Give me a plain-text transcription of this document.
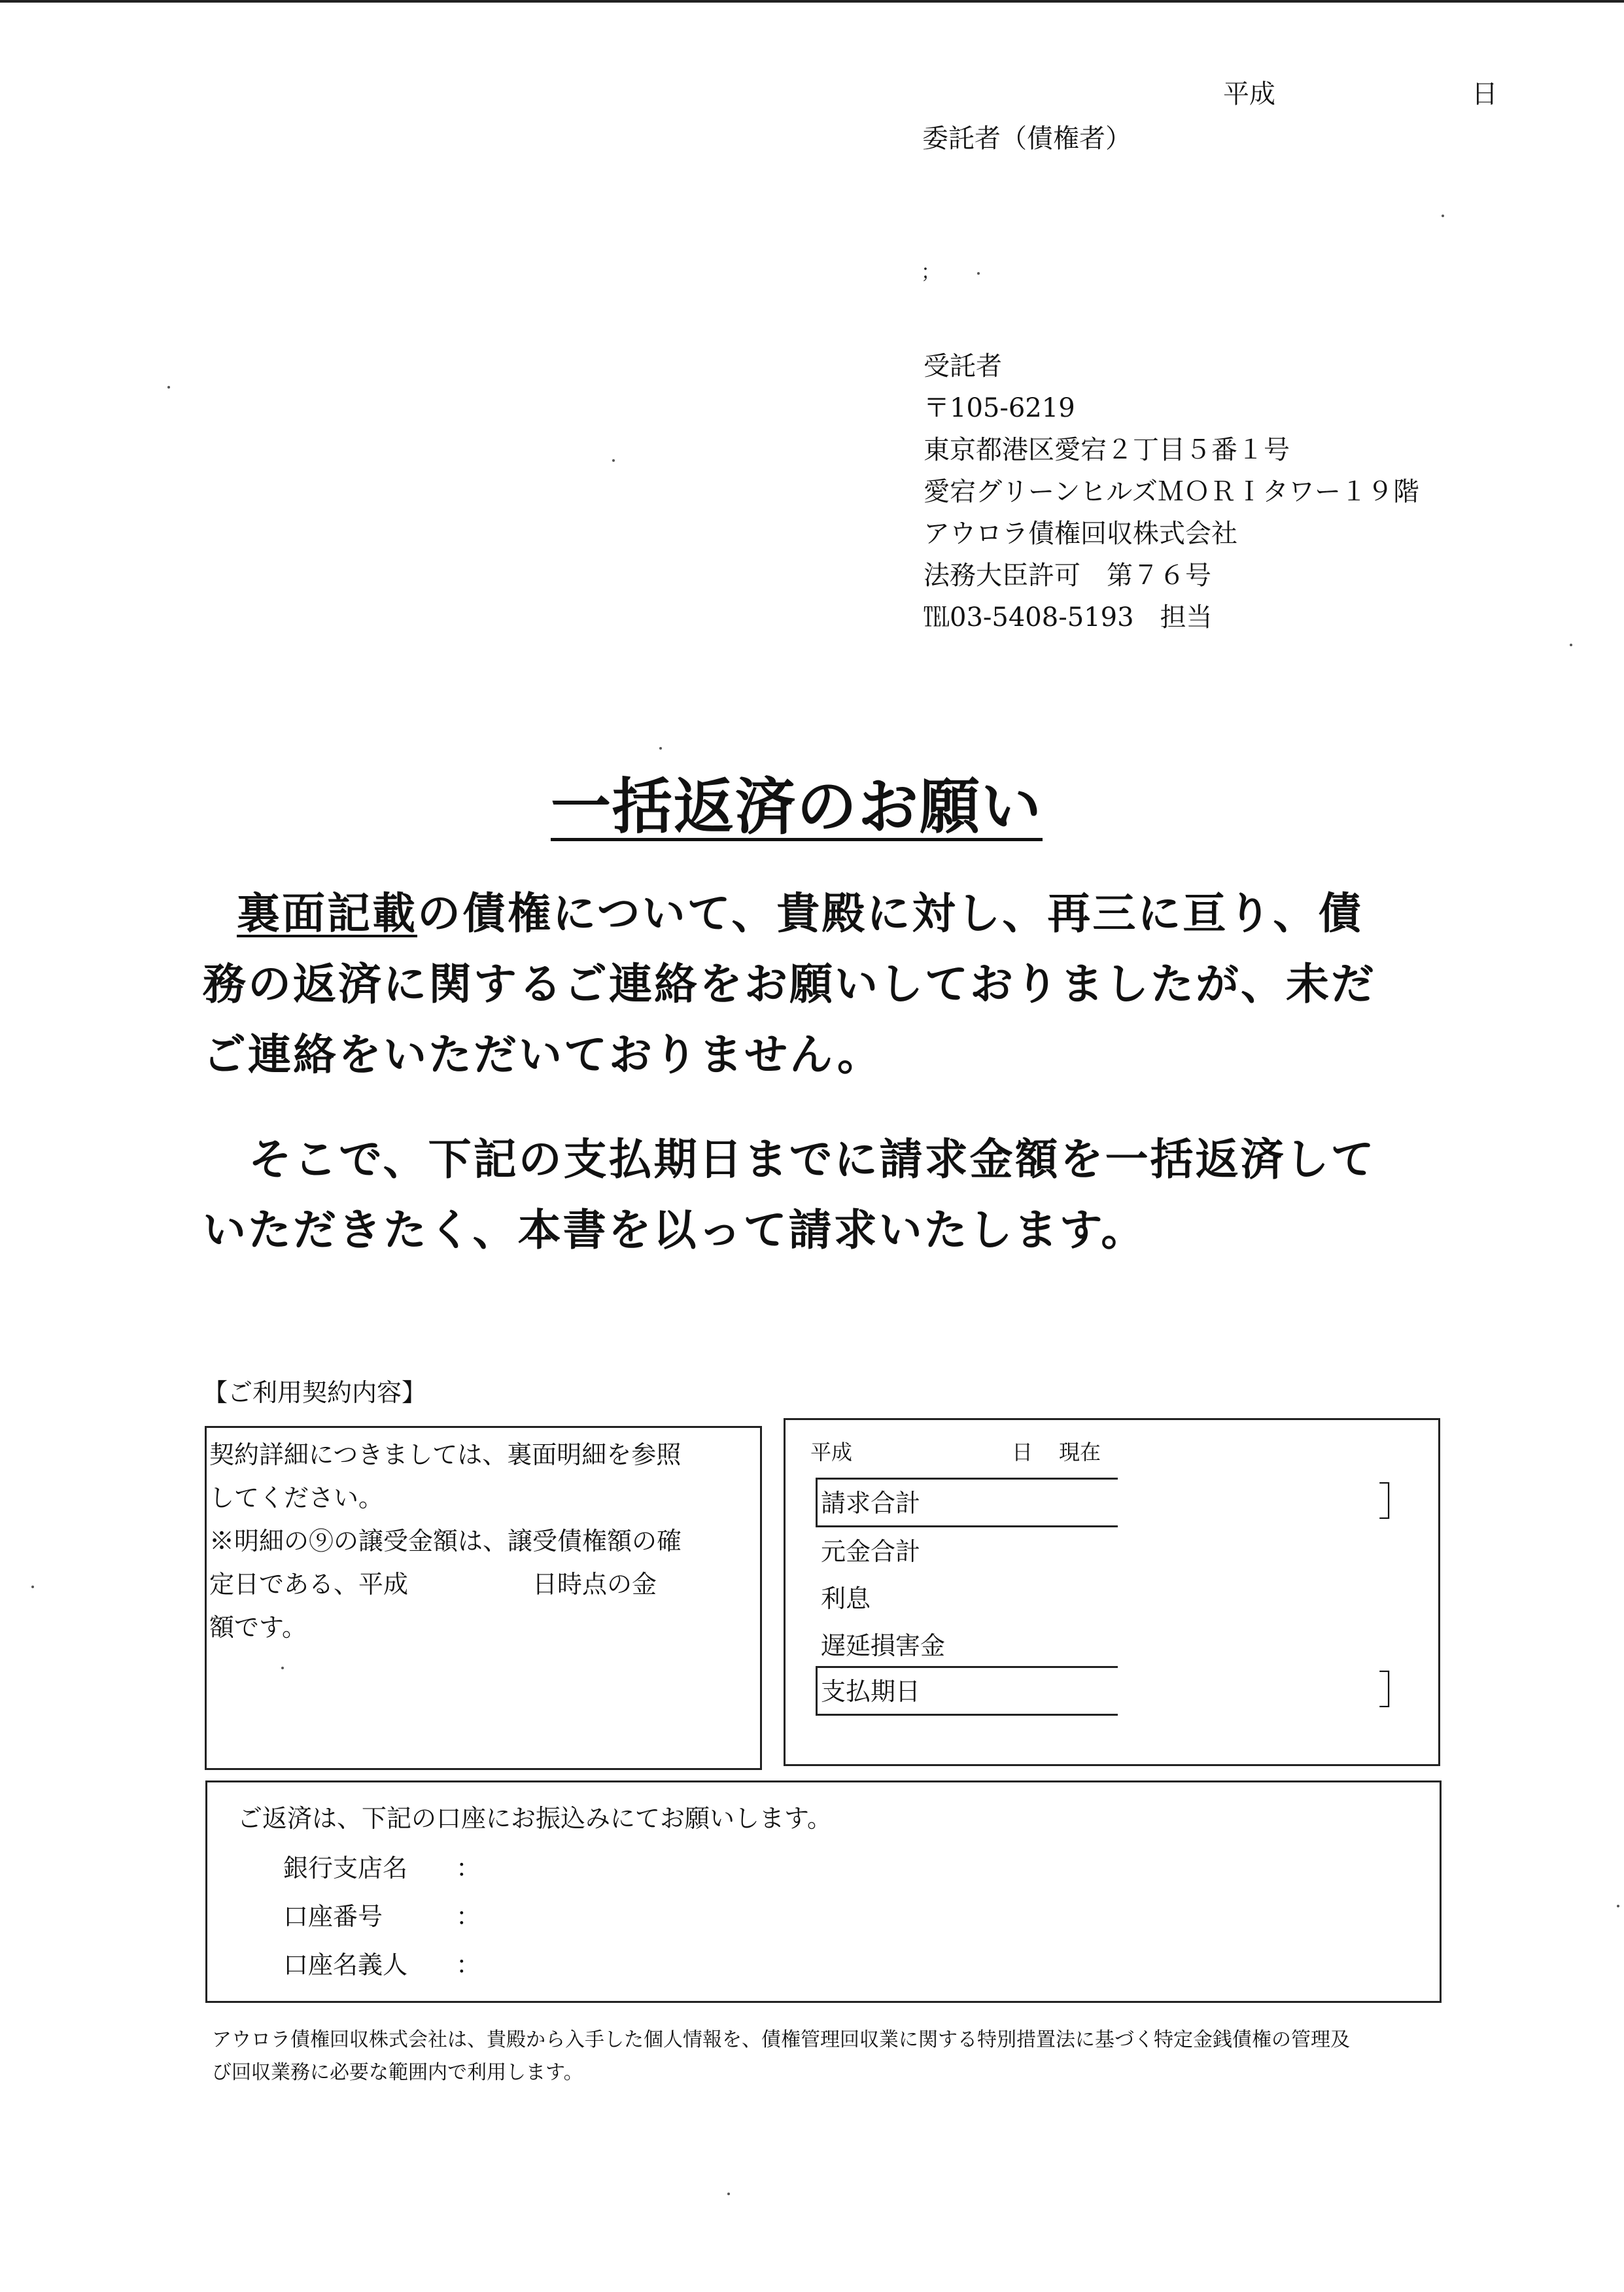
平成	日
委託者（債権者）
；
受託者
〒105-6219
東京都港区愛宕２丁目５番１号
愛宕グリーンヒルズＭＯＲＩタワー１９階
アウロラ債権回収株式会社
法務大臣許可　第７６号
℡03-5408-5193　担当
一括返済のお願い
裏面記載の債権について、貴殿に対し、再三に亘り、債
務の返済に関するご連絡をお願いしておりましたが、未だ
ご連絡をいただいておりません。
そこで、下記の支払期日までに請求金額を一括返済して
いただきたく、本書を以って請求いたします。
【ご利用契約内容】
契約詳細につきましては、裏面明細を参照
してください。
※明細の⑨の譲受金額は、譲受債権額の確
定日である、平成　　　　　日時点の金
額です。
平成	日 現在
請求合計	］
元金合計
利息
遅延損害金
支払期日	］
ご返済は、下記の口座にお振込みにてお願いします。
銀行支店名 ：
口座番号	：
口座名義人 ：
アウロラ債権回収株式会社は、貴殿から入手した個人情報を、債権管理回収業に関する特別措置法に基づく特定金銭債権の管理及
び回収業務に必要な範囲内で利用します。
